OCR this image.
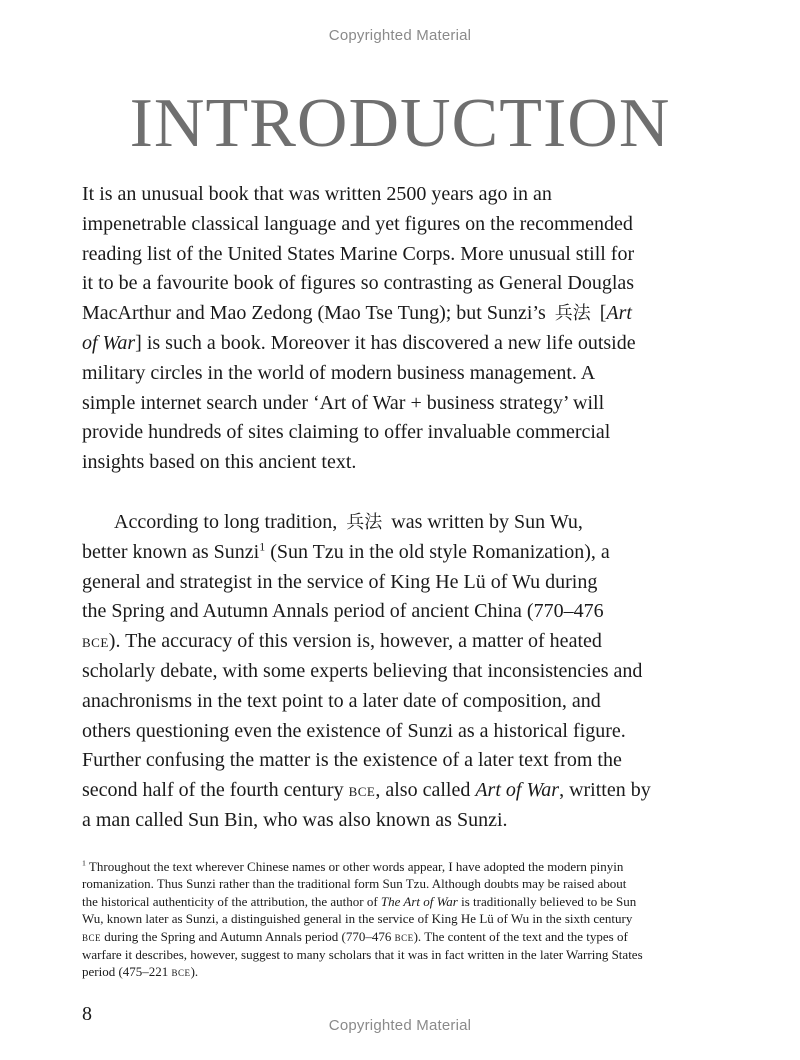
Copyrighted Material
INTRODUCTION
It is an unusual book that was written 2500 years ago in an
impenetrable classical language and yet figures on the recommended
reading list of the United States Marine Corps. More unusual still for
it to be a favourite book of figures so contrasting as General Douglas
MacArthur and Mao Zedong (Mao Tse Tung); but Sunzi’s 兵法 [Art
of War] is such a book. Moreover it has discovered a new life outside
military circles in the world of modern business management. A
simple internet search under ‘Art of War + business strategy’ will
provide hundreds of sites claiming to offer invaluable commercial
insights based on this ancient text.
According to long tradition, 兵法 was written by Sun Wu,
better known as Sunzi$^1$ (Sun Tzu in the old style Romanization), a
general and strategist in the service of King He Lü of Wu during
the Spring and Autumn Annals period of ancient China (770–476
bce). The accuracy of this version is, however, a matter of heated
scholarly debate, with some experts believing that inconsistencies and
anachronisms in the text point to a later date of composition, and
others questioning even the existence of Sunzi as a historical figure.
Further confusing the matter is the existence of a later text from the
second half of the fourth century bce, also called Art of War, written by
a man called Sun Bin, who was also known as Sunzi.
$^1$ Throughout the text wherever Chinese names or other words appear, I have adopted the modern pinyin
romanization. Thus Sunzi rather than the traditional form Sun Tzu. Although doubts may be raised about
the historical authenticity of the attribution, the author of The Art of War is traditionally believed to be Sun
Wu, known later as Sunzi, a distinguished general in the service of King He Lü of Wu in the sixth century
bce during the Spring and Autumn Annals period (770–476 bce). The content of the text and the types of
warfare it describes, however, suggest to many scholars that it was in fact written in the later Warring States
period (475–221 bce).
8
Copyrighted Material
